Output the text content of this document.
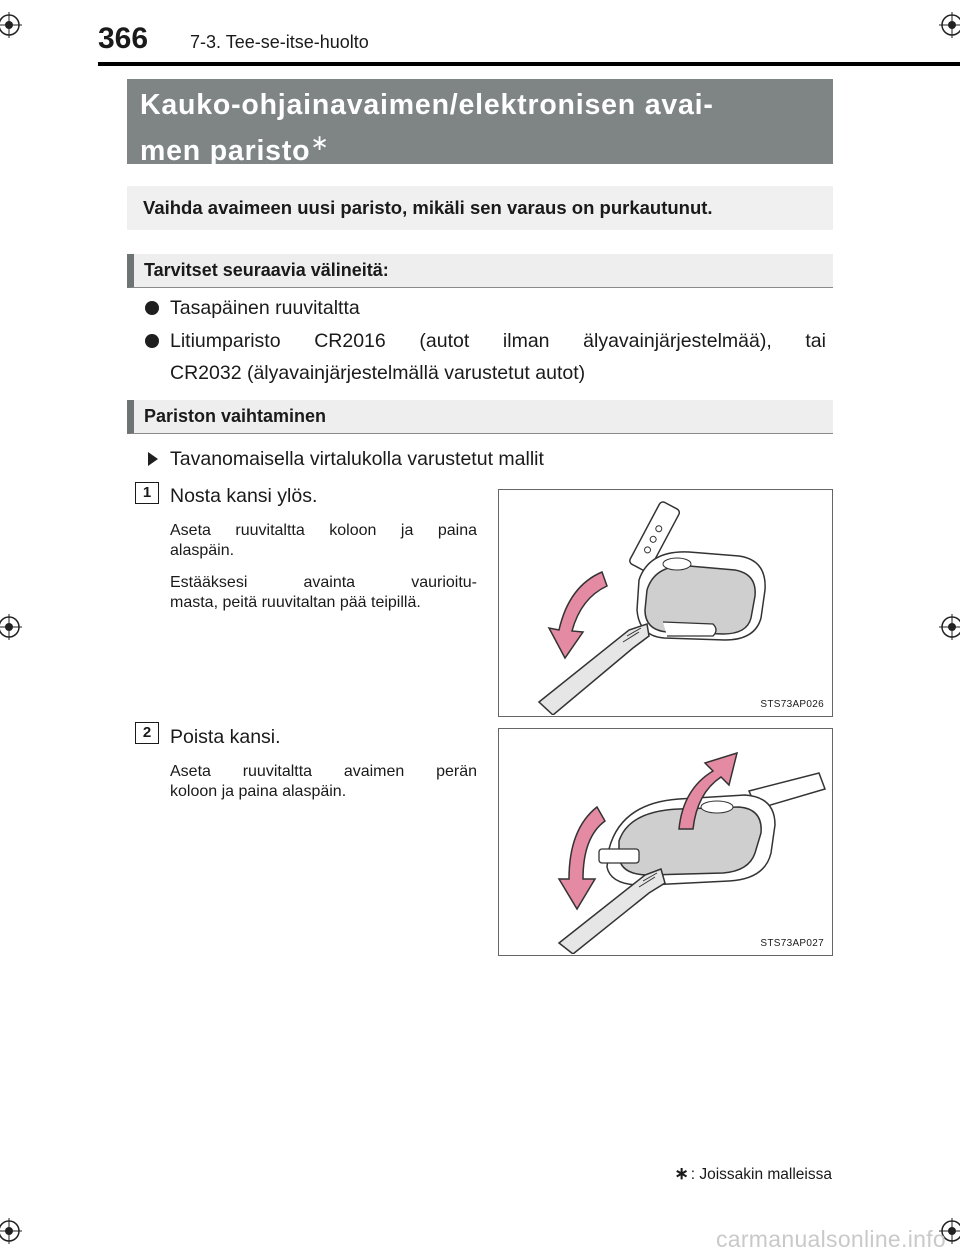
366 7-3. Tee-se-itse-huolto
Kauko-ohjainavaimen/elektronisen avai-
men paristo∗
Vaihda avaimeen uusi paristo, mikäli sen varaus on purkautunut.
Tarvitset seuraavia välineitä:
Tasapäinen ruuvitaltta
Litiumparisto CR2016 (autot ilman älyavainjärjestelmää), tai
CR2032 (älyavainjärjestelmällä varustetut autot)
Pariston vaihtaminen
Tavanomaisella virtalukolla varustetut mallit
1 Nosta kansi ylös.
Aseta ruuvitaltta koloon ja paina
alaspäin.
Estääksesi avainta vaurioitu-
masta, peitä ruuvitaltan pää teipillä.
STS73AP026
2 Poista kansi.
Aseta ruuvitaltta avaimen perän
koloon ja paina alaspäin.
STS73AP027
∗ : Joissakin malleissa
carmanualsonline.info
